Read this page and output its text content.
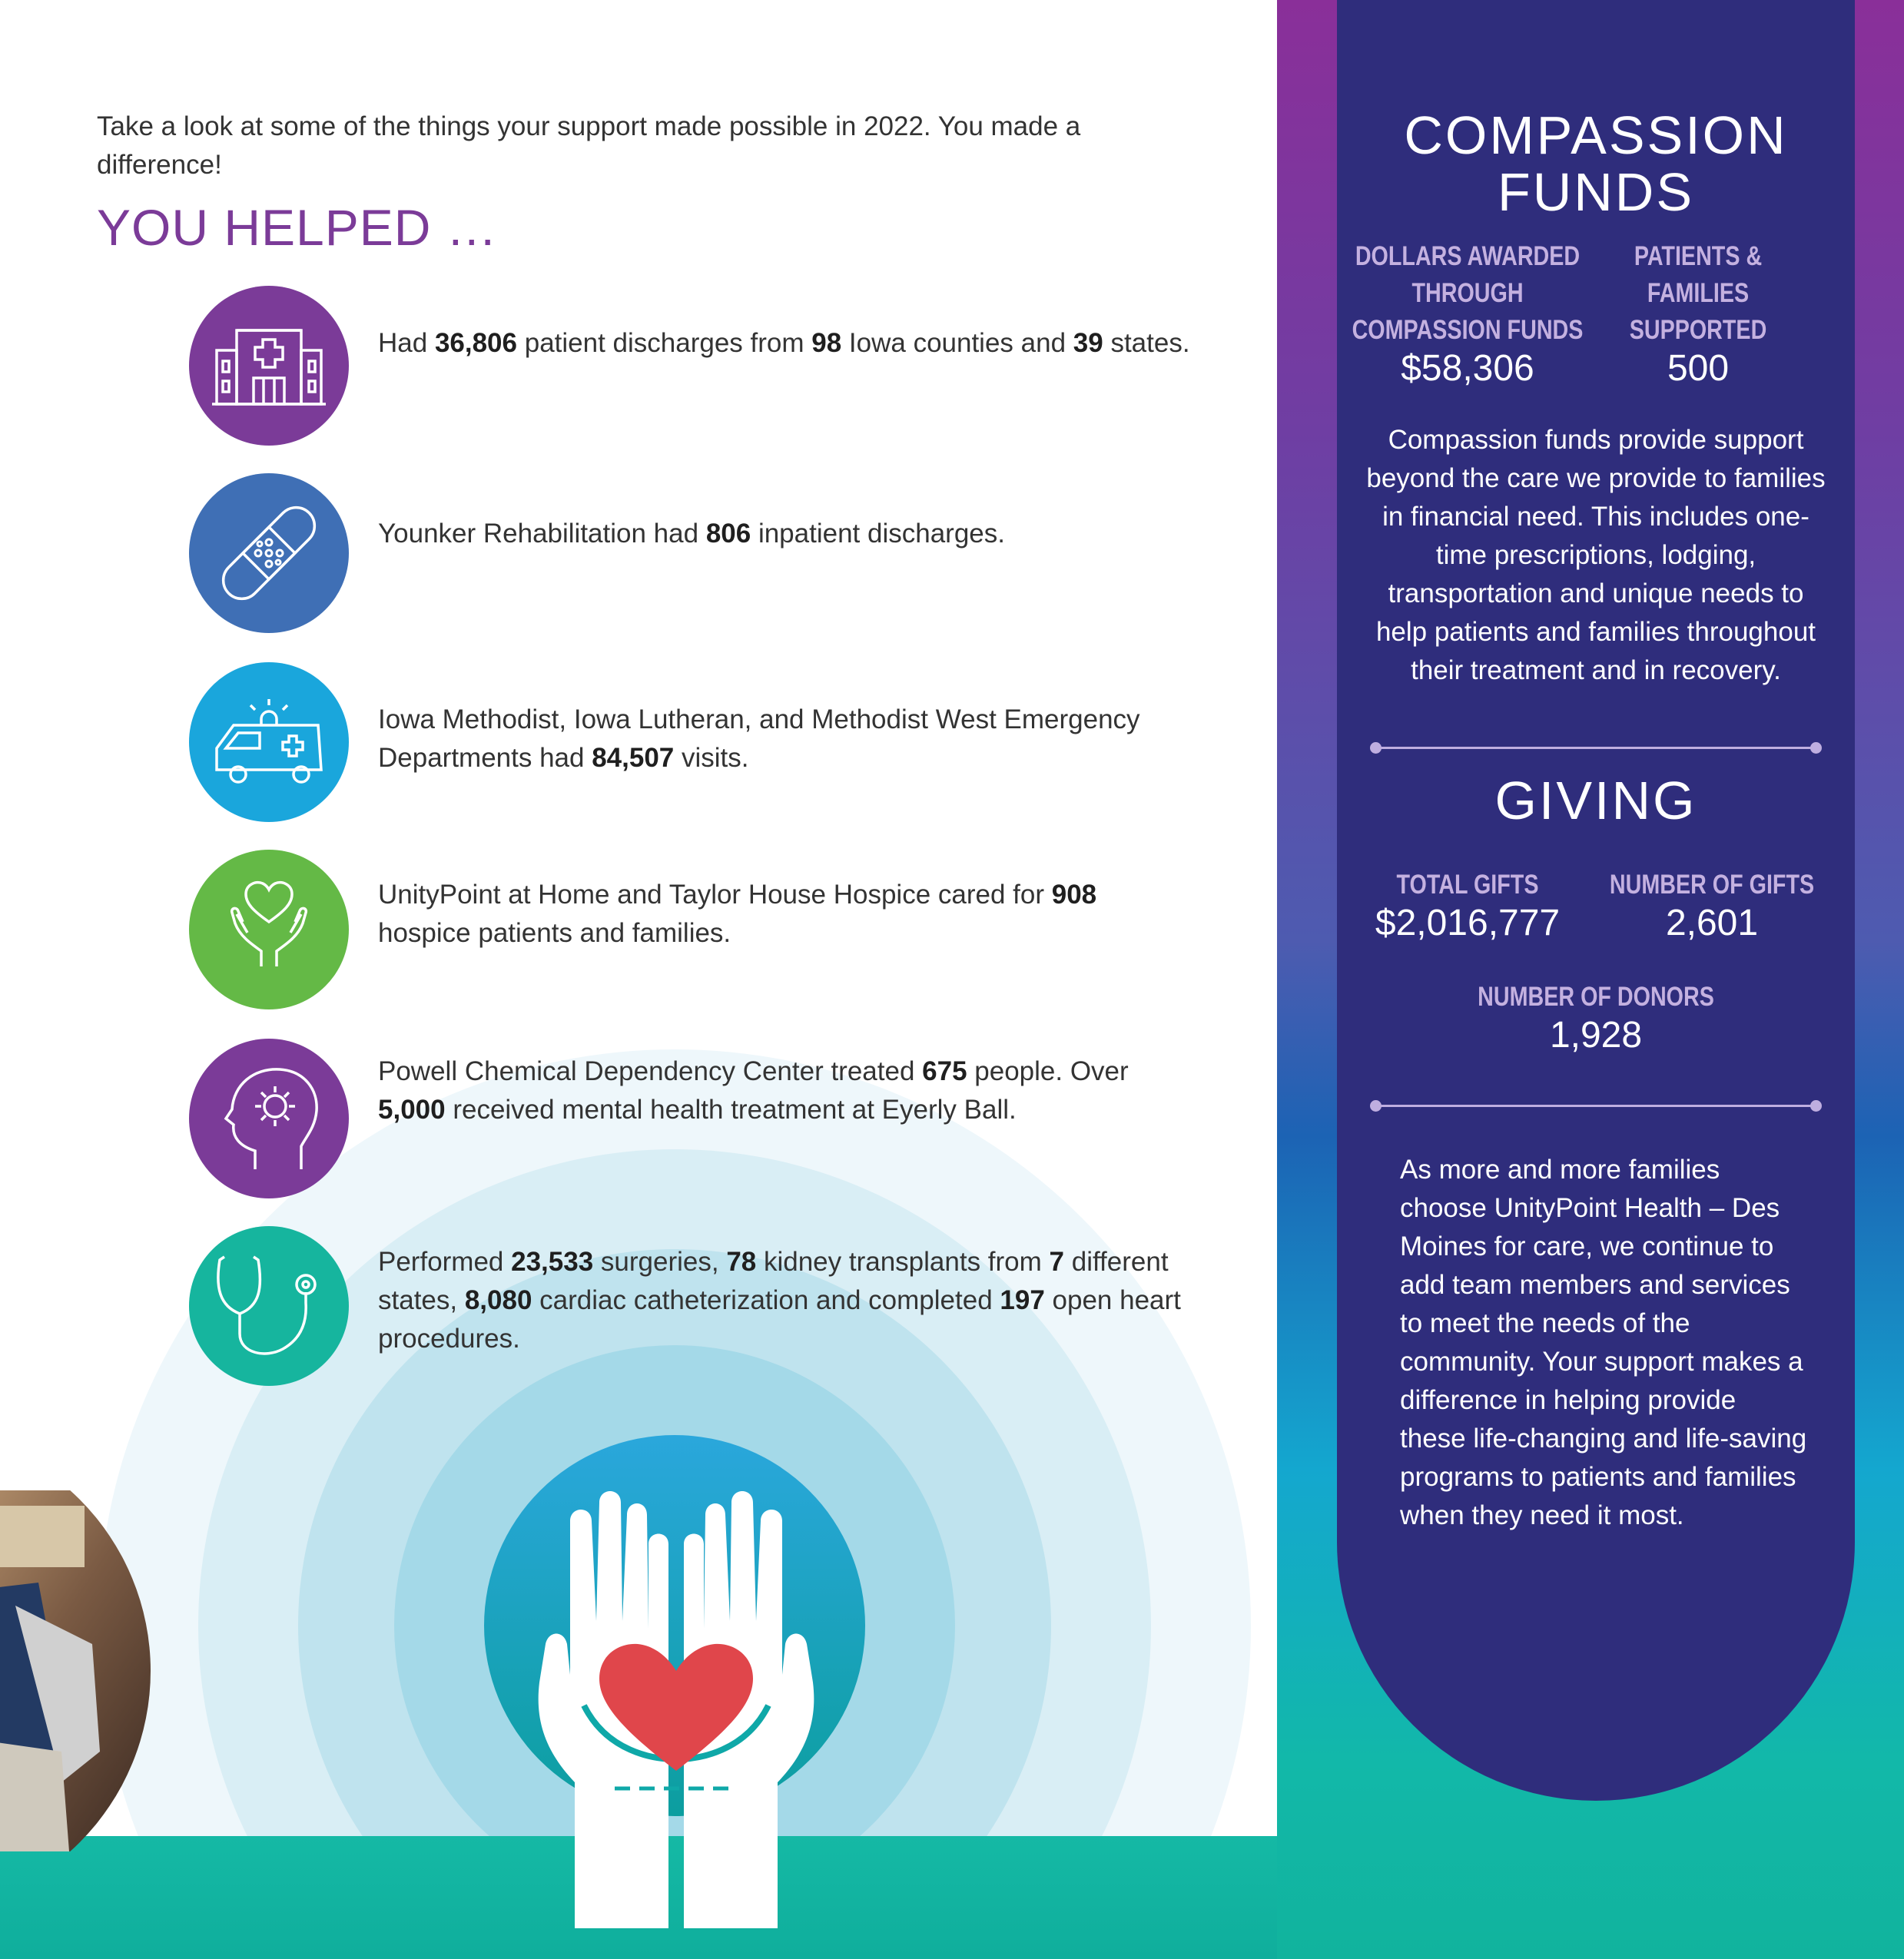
Take a look at some of the things your support made possible in 2022. You made a difference!
YOU HELPED …
Had 36,806 patient discharges from 98 Iowa counties and 39 states.
Younker Rehabilitation had 806 inpatient discharges.
Iowa Methodist, Iowa Lutheran, and Methodist West Emergency Departments had 84,507 visits.
UnityPoint at Home and Taylor House Hospice cared for 908 hospice patients and families.
Powell Chemical Dependency Center treated 675 people. Over 5,000 received mental health treatment at Eyerly Ball.
Performed 23,533 surgeries, 78 kidney transplants from 7 different states, 8,080 cardiac catheterization and completed 197 open heart procedures.
COMPASSION
FUNDS
DOLLARS AWARDED THROUGH COMPASSION FUNDS
$58,306
PATIENTS & FAMILIES SUPPORTED
500
Compassion funds provide support beyond the care we provide to families in financial need. This includes one-time prescriptions, lodging, transportation and unique needs to help patients and families throughout their treatment and in recovery.
GIVING
TOTAL GIFTS
$2,016,777
NUMBER OF GIFTS
2,601
NUMBER OF DONORS
1,928
As more and more families choose UnityPoint Health – Des Moines for care, we continue to add team members and services to meet the needs of the community. Your support makes a difference in helping provide these life-changing and life-saving programs to patients and families when they need it most.
